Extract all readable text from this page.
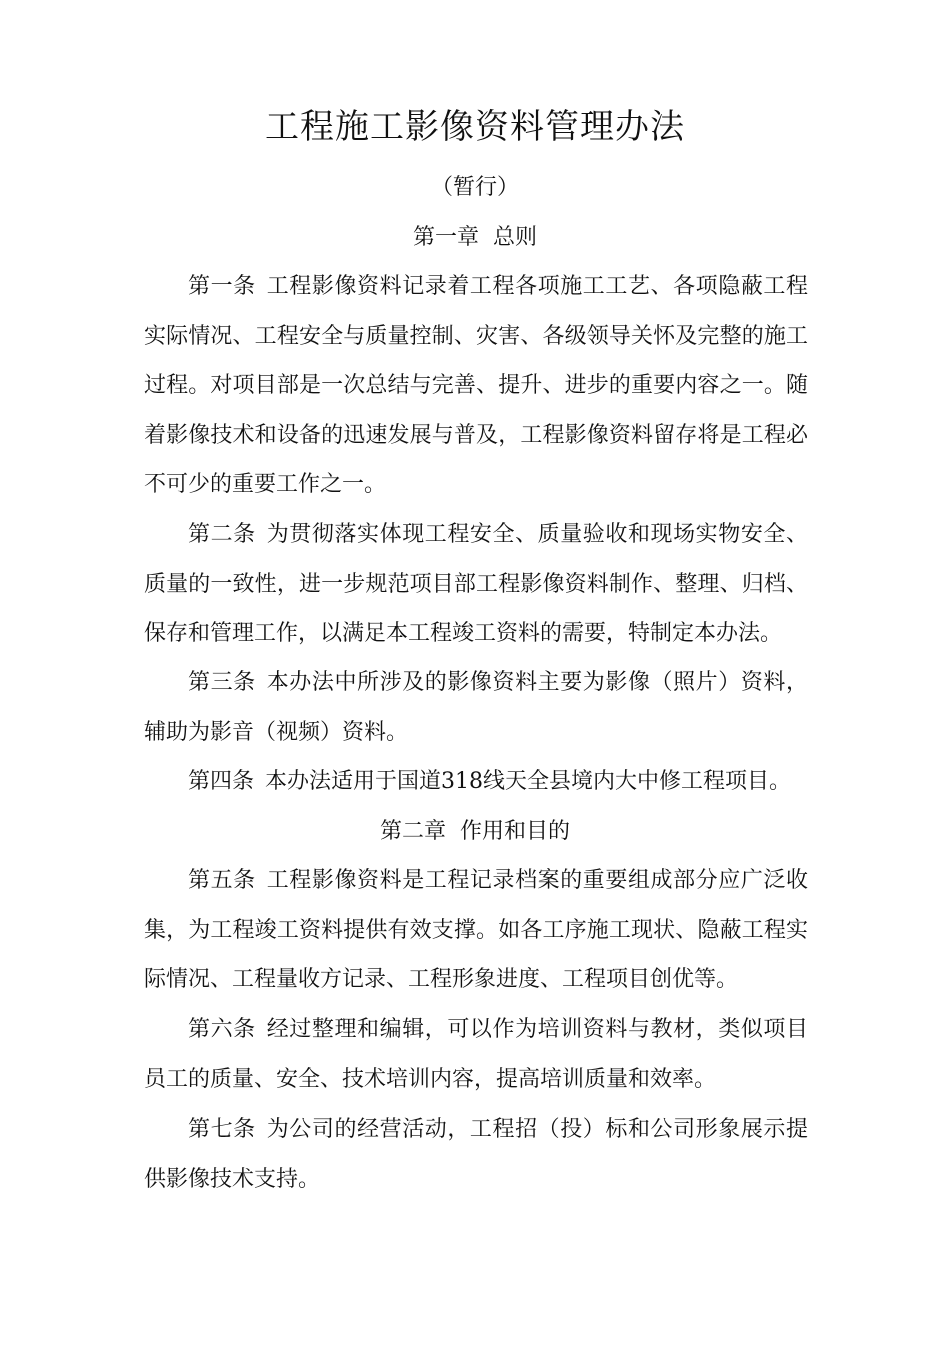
工程施工影像资料管理办法
（暂行）
第一章  总则

第一条 工程影像资料记录着工程各项施工工艺、各项隐蔽工程实际情况、工程安全与质量控制、灾害、各级领导关怀及完整的施工过程。对项目部是一次总结与完善、提升、进步的重要内容之一。随着影像技术和设备的迅速发展与普及，工程影像资料留存将是工程必不可少的重要工作之一。

第二条 为贯彻落实体现工程安全、质量验收和现场实物安全、质量的一致性，进一步规范项目部工程影像资料制作、整理、归档、保存和管理工作，以满足本工程竣工资料的需要，特制定本办法。

第三条 本办法中所涉及的影像资料主要为影像（照片）资料，辅助为影音（视频）资料。

第四条 本办法适用于国道318线天全县境内大中修工程项目。

第二章  作用和目的

第五条 工程影像资料是工程记录档案的重要组成部分应广泛收集，为工程竣工资料提供有效支撑。如各工序施工现状、隐蔽工程实际情况、工程量收方记录、工程形象进度、工程项目创优等。

第六条 经过整理和编辑，可以作为培训资料与教材，类似项目员工的质量、安全、技术培训内容，提高培训质量和效率。

第七条 为公司的经营活动，工程招（投）标和公司形象展示提供影像技术支持。
